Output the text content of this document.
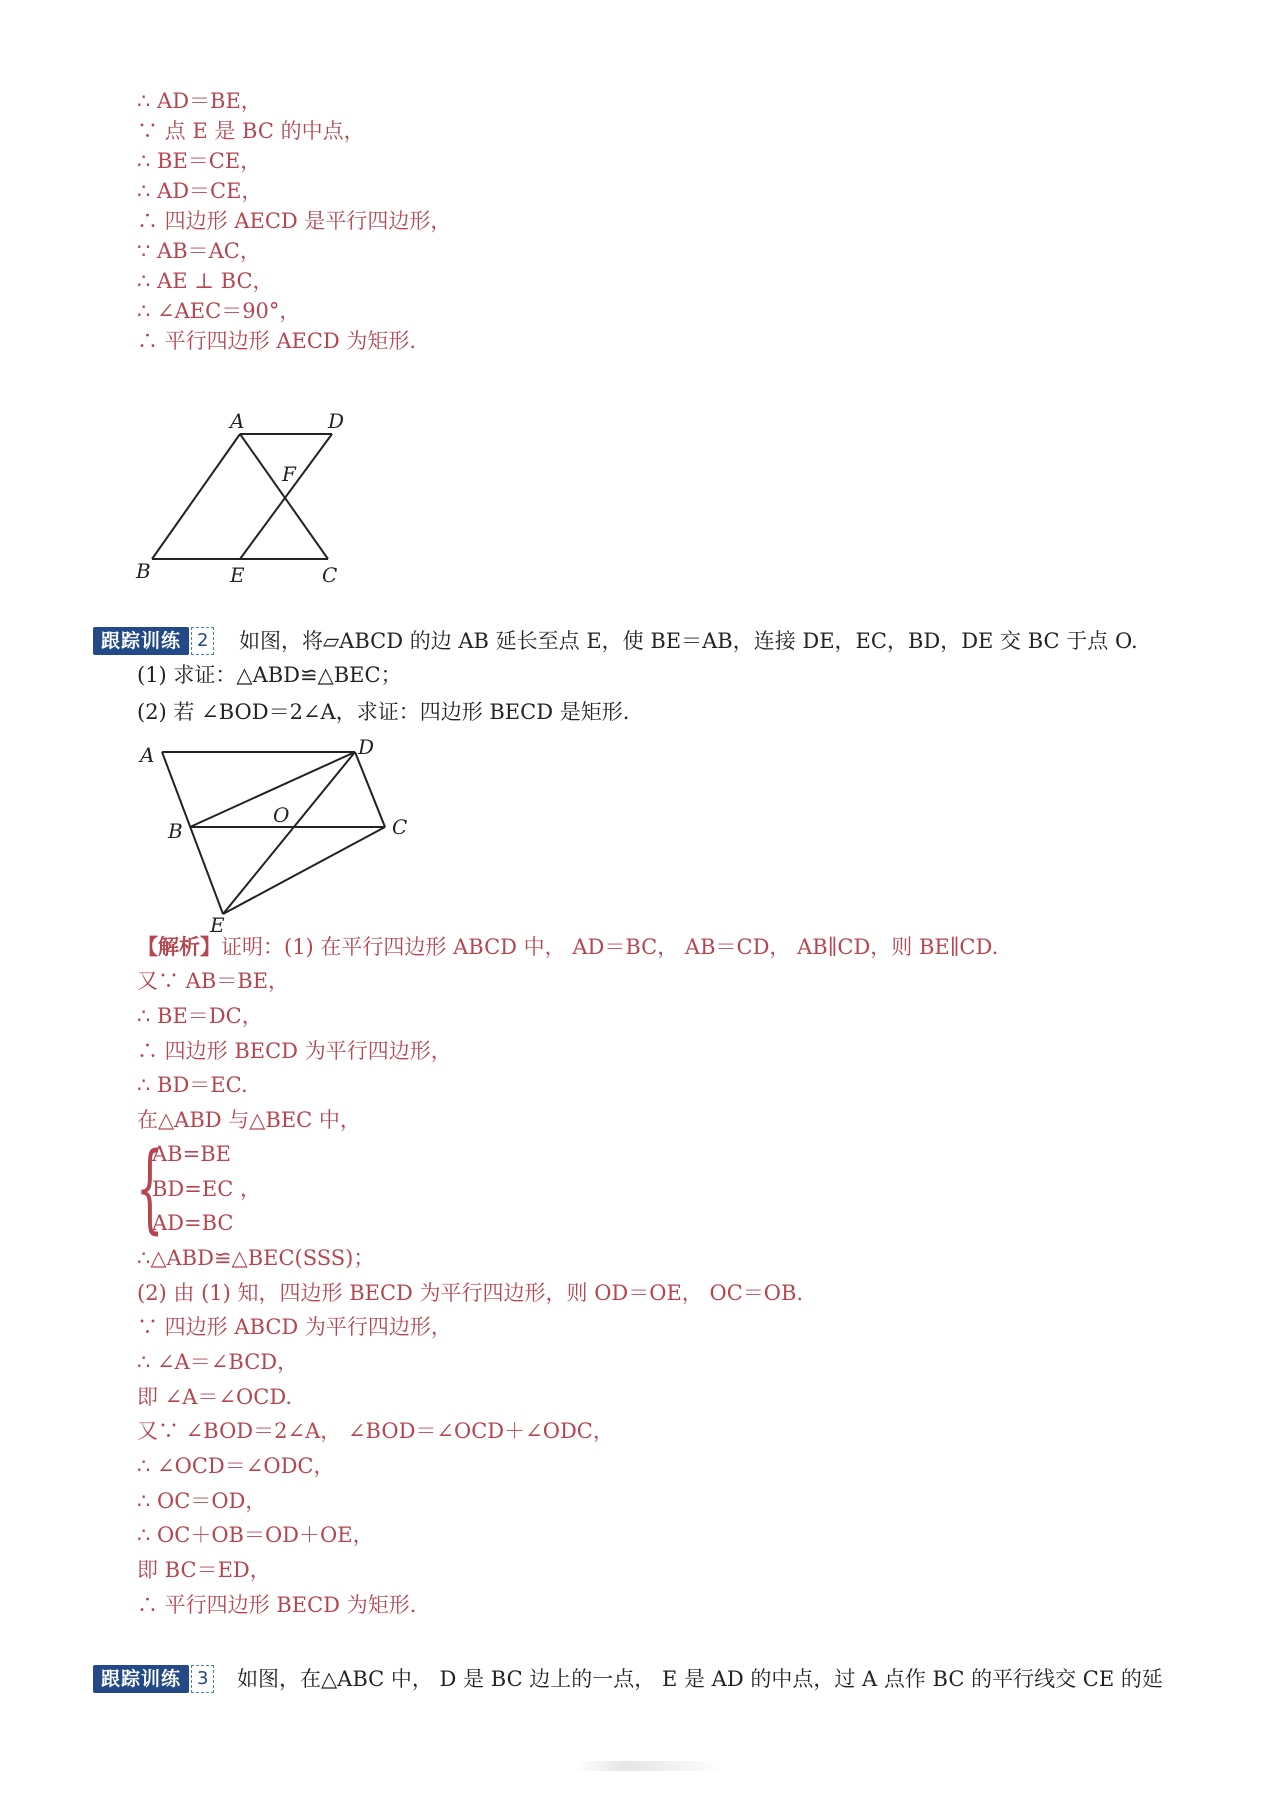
∴ AD＝BE，
∵ 点 E 是 BC 的中点，
∴ BE＝CE，
∴ AD＝CE，
∴ 四边形 AECD 是平行四边形，
∵ AB＝AC，
∴ AE ⊥ BC，
∴ ∠AEC＝90°，
∴ 平行四边形 AECD 为矩形.
A	D
F
B	E	C
跟踪训练 2 如图，将▱ABCD 的边 AB 延长至点 E，使 BE＝AB，连接 DE，EC，BD，DE 交 BC 于点 O.
(1) 求证：△ABD≌△BEC；
(2) 若 ∠BOD＝2∠A，求证：四边形 BECD 是矩形.
A	D
B
O	C
E
【解析】证明：(1) 在平行四边形 ABCD 中， AD＝BC， AB＝CD， AB∥CD，则 BE∥CD.
又∵ AB＝BE，
∴ BE＝DC，
∴ 四边形 BECD 为平行四边形，
∴ BD＝EC.
在△ABD 与△BEC 中，
{
AB=BE
BD=EC ，
AD=BC
∴△ABD≌△BEC(SSS)；
(2) 由 (1) 知，四边形 BECD 为平行四边形，则 OD＝OE， OC＝OB.
∵ 四边形 ABCD 为平行四边形，
∴ ∠A＝∠BCD，
即 ∠A＝∠OCD.
又∵ ∠BOD＝2∠A， ∠BOD＝∠OCD＋∠ODC，
∴ ∠OCD＝∠ODC，
∴ OC＝OD，
∴ OC＋OB＝OD＋OE，
即 BC＝ED，
∴ 平行四边形 BECD 为矩形.
跟踪训练 3 如图，在△ABC 中， D 是 BC 边上的一点， E 是 AD 的中点，过 A 点作 BC 的平行线交 CE 的延
